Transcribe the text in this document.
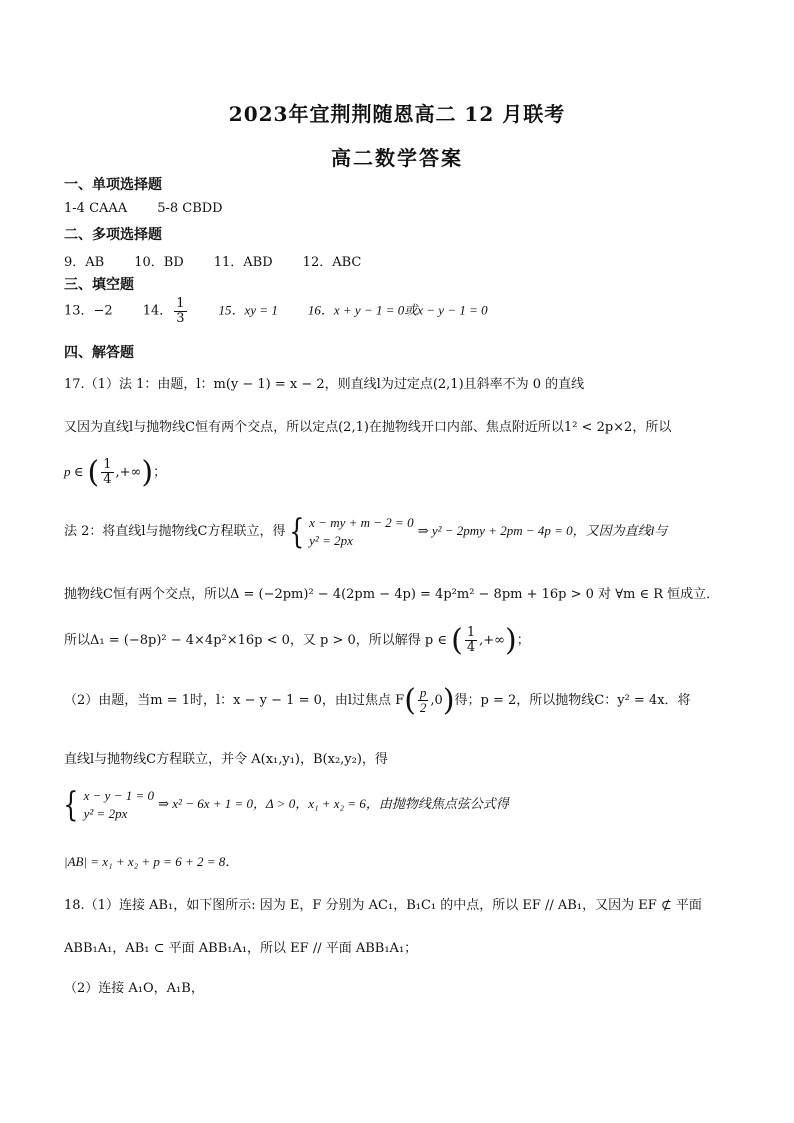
2023年宜荆荆随恩高二 12 月联考
高二数学答案
一、单项选择题
1-4 CAAA 5-8 CBDD
二、多项选择题
9．AB 10．BD 11．ABD 12．ABC
三、填空题
13．−2 14． $\frac{1}{3} 15$．xy = 1 16．x + y − 1 = 0或x − y − 1 = 0
四、解答题
17.（1）法 1：由题，l：m(y − 1) = x − 2，则直线l为过定点(2,1)且斜率不为 0 的直线
又因为直线l与抛物线C恒有两个交点，所以定点(2,1)在抛物线开口内部、焦点附近所以1² < 2p×2，所以
p ∈ ( $\frac{1}{4}$ ,+∞)；
法 2：将直线l与抛物线C方程联立，得{ x − my + m − 2 = 0
y² = 2px
⇒ y² − 2pmy + 2pm − 4p = 0，又因为直线l与
抛物线C恒有两个交点，所以Δ = (−2pm)² − 4(2pm − 4p) = 4p²m² − 8pm + 16p > 0 对 ∀m ∈ R 恒成立．
所以Δ₁ = (−8p)² − 4×4p²×16p < 0，又 p > 0，所以解得 p ∈ ( $\frac{1}{4}$ ,+∞)；
（2）由题，当m = 1时，l：x − y − 1 = 0，由l过焦点 $F( \frac{p}{2} ,0)$得；p = 2，所以抛物线C：y² = 4x．将
直线l与抛物线C方程联立，并令 A(x₁,y₁)，B(x₂,y₂)，得
{ x − y − 1 = 0
y² = 2px
⇒ x² − 6x + 1 = 0，Δ > 0，x₁ + x₂ = 6，由抛物线焦点弦公式得
|AB| = x₁ + x₂ + p = 6 + 2 = 8．
18.（1）连接 AB₁，如下图所示: 因为 E，F 分别为 AC₁，B₁C₁ 的中点，所以 EF // AB₁，又因为 EF ⊄ 平面
ABB₁A₁，AB₁ ⊂ 平面 ABB₁A₁，所以 EF // 平面 ABB₁A₁；
（2）连接 A₁O，A₁B，
